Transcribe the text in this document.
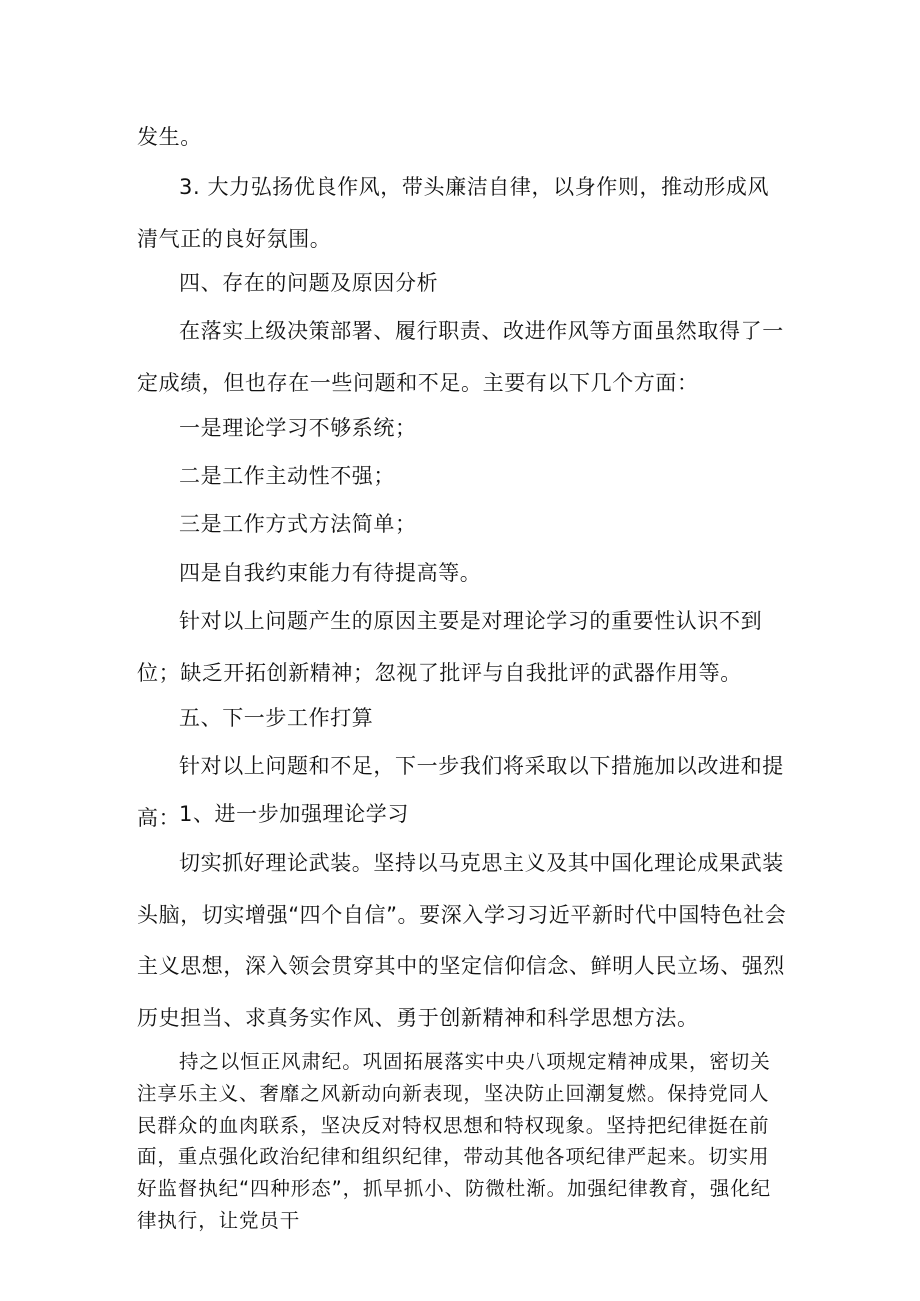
发生。

3. 大力弘扬优良作风，带头廉洁自律，以身作则，推动形成风清气正的良好氛围。

四、存在的问题及原因分析

在落实上级决策部署、履行职责、改进作风等方面虽然取得了一定成绩，但也存在一些问题和不足。主要有以下几个方面：

一是理论学习不够系统；

二是工作主动性不强；

三是工作方式方法简单；

四是自我约束能力有待提高等。

针对以上问题产生的原因主要是对理论学习的重要性认识不到位；缺乏开拓创新精神；忽视了批评与自我批评的武器作用等。

五、下一步工作打算

针对以上问题和不足，下一步我们将采取以下措施加以改进和提高：

1、进一步加强理论学习

切实抓好理论武装。坚持以马克思主义及其中国化理论成果武装头脑，切实增强“四个自信”。要深入学习习近平新时代中国特色社会主义思想，深入领会贯穿其中的坚定信仰信念、鲜明人民立场、强烈历史担当、求真务实作风、勇于创新精神和科学思想方法。

持之以恒正风肃纪。巩固拓展落实中央八项规定精神成果，密切关注享乐主义、奢靡之风新动向新表现，坚决防止回潮复燃。保持党同人民群众的血肉联系，坚决反对特权思想和特权现象。坚持把纪律挺在前面，重点强化政治纪律和组织纪律，带动其他各项纪律严起来。切实用好监督执纪“四种形态”，抓早抓小、防微杜渐。加强纪律教育，强化纪律执行，让党员干
